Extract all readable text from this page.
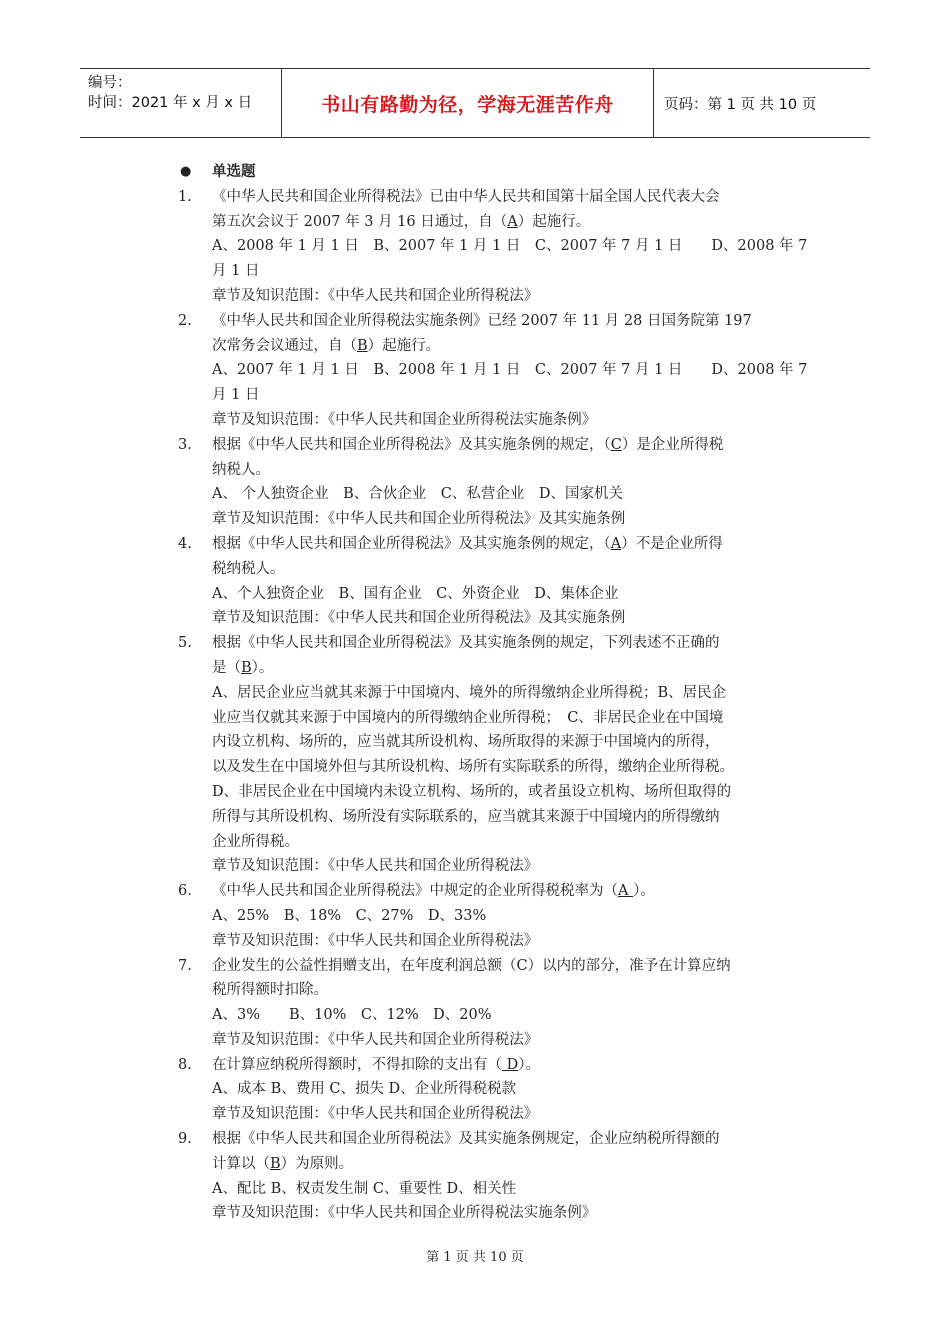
编号：
时间：2021 年 x 月 x 日	书山有路勤为径，学海无涯苦作舟	页码：第 1 页 共 10 页
● 单选题
1. 《中华人民共和国企业所得税法》已由中华人民共和国第十届全国人民代表大会
第五次会议于 2007 年 3 月 16 日通过，自（A）起施行。
A、2008 年 1 月 1 日　B、2007 年 1 月 1 日　C、2007 年 7 月 1 日　　D、2008 年 7
月 1 日
章节及知识范围：《中华人民共和国企业所得税法》
2. 《中华人民共和国企业所得税法实施条例》已经 2007 年 11 月 28 日国务院第 197
次常务会议通过，自（B）起施行。
A、2007 年 1 月 1 日　B、2008 年 1 月 1 日　C、2007 年 7 月 1 日　　D、2008 年 7
月 1 日
章节及知识范围：《中华人民共和国企业所得税法实施条例》
3. 根据《中华人民共和国企业所得税法》及其实施条例的规定，（C）是企业所得税
纳税人。
A、 个人独资企业　B、合伙企业　C、私营企业　D、国家机关
章节及知识范围：《中华人民共和国企业所得税法》及其实施条例
4. 根据《中华人民共和国企业所得税法》及其实施条例的规定，（A）不是企业所得
税纳税人。
A、个人独资企业　B、国有企业　C、外资企业　D、集体企业
章节及知识范围：《中华人民共和国企业所得税法》及其实施条例
5. 根据《中华人民共和国企业所得税法》及其实施条例的规定，下列表述不正确的
是（B）。
A、居民企业应当就其来源于中国境内、境外的所得缴纳企业所得税；B、居民企
业应当仅就其来源于中国境内的所得缴纳企业所得税；　C、非居民企业在中国境
内设立机构、场所的，应当就其所设机构、场所取得的来源于中国境内的所得，
以及发生在中国境外但与其所设机构、场所有实际联系的所得，缴纳企业所得税。
D、非居民企业在中国境内未设立机构、场所的，或者虽设立机构、场所但取得的
所得与其所设机构、场所没有实际联系的，应当就其来源于中国境内的所得缴纳
企业所得税。
章节及知识范围：《中华人民共和国企业所得税法》
6. 《中华人民共和国企业所得税法》中规定的企业所得税税率为（A ）。
A、25%　B、18%　C、27%　D、33%
章节及知识范围：《中华人民共和国企业所得税法》
7. 企业发生的公益性捐赠支出，在年度利润总额（C）以内的部分，准予在计算应纳
税所得额时扣除。
A、3%　　B、10%　C、12%　D、20%
章节及知识范围：《中华人民共和国企业所得税法》
8. 在计算应纳税所得额时，不得扣除的支出有（ D）。
A、成本 B、费用 C、损失 D、企业所得税税款
章节及知识范围：《中华人民共和国企业所得税法》
9. 根据《中华人民共和国企业所得税法》及其实施条例规定，企业应纳税所得额的
计算以（B）为原则。
A、配比 B、权责发生制 C、重要性 D、相关性
章节及知识范围：《中华人民共和国企业所得税法实施条例》
第 1 页 共 10 页
